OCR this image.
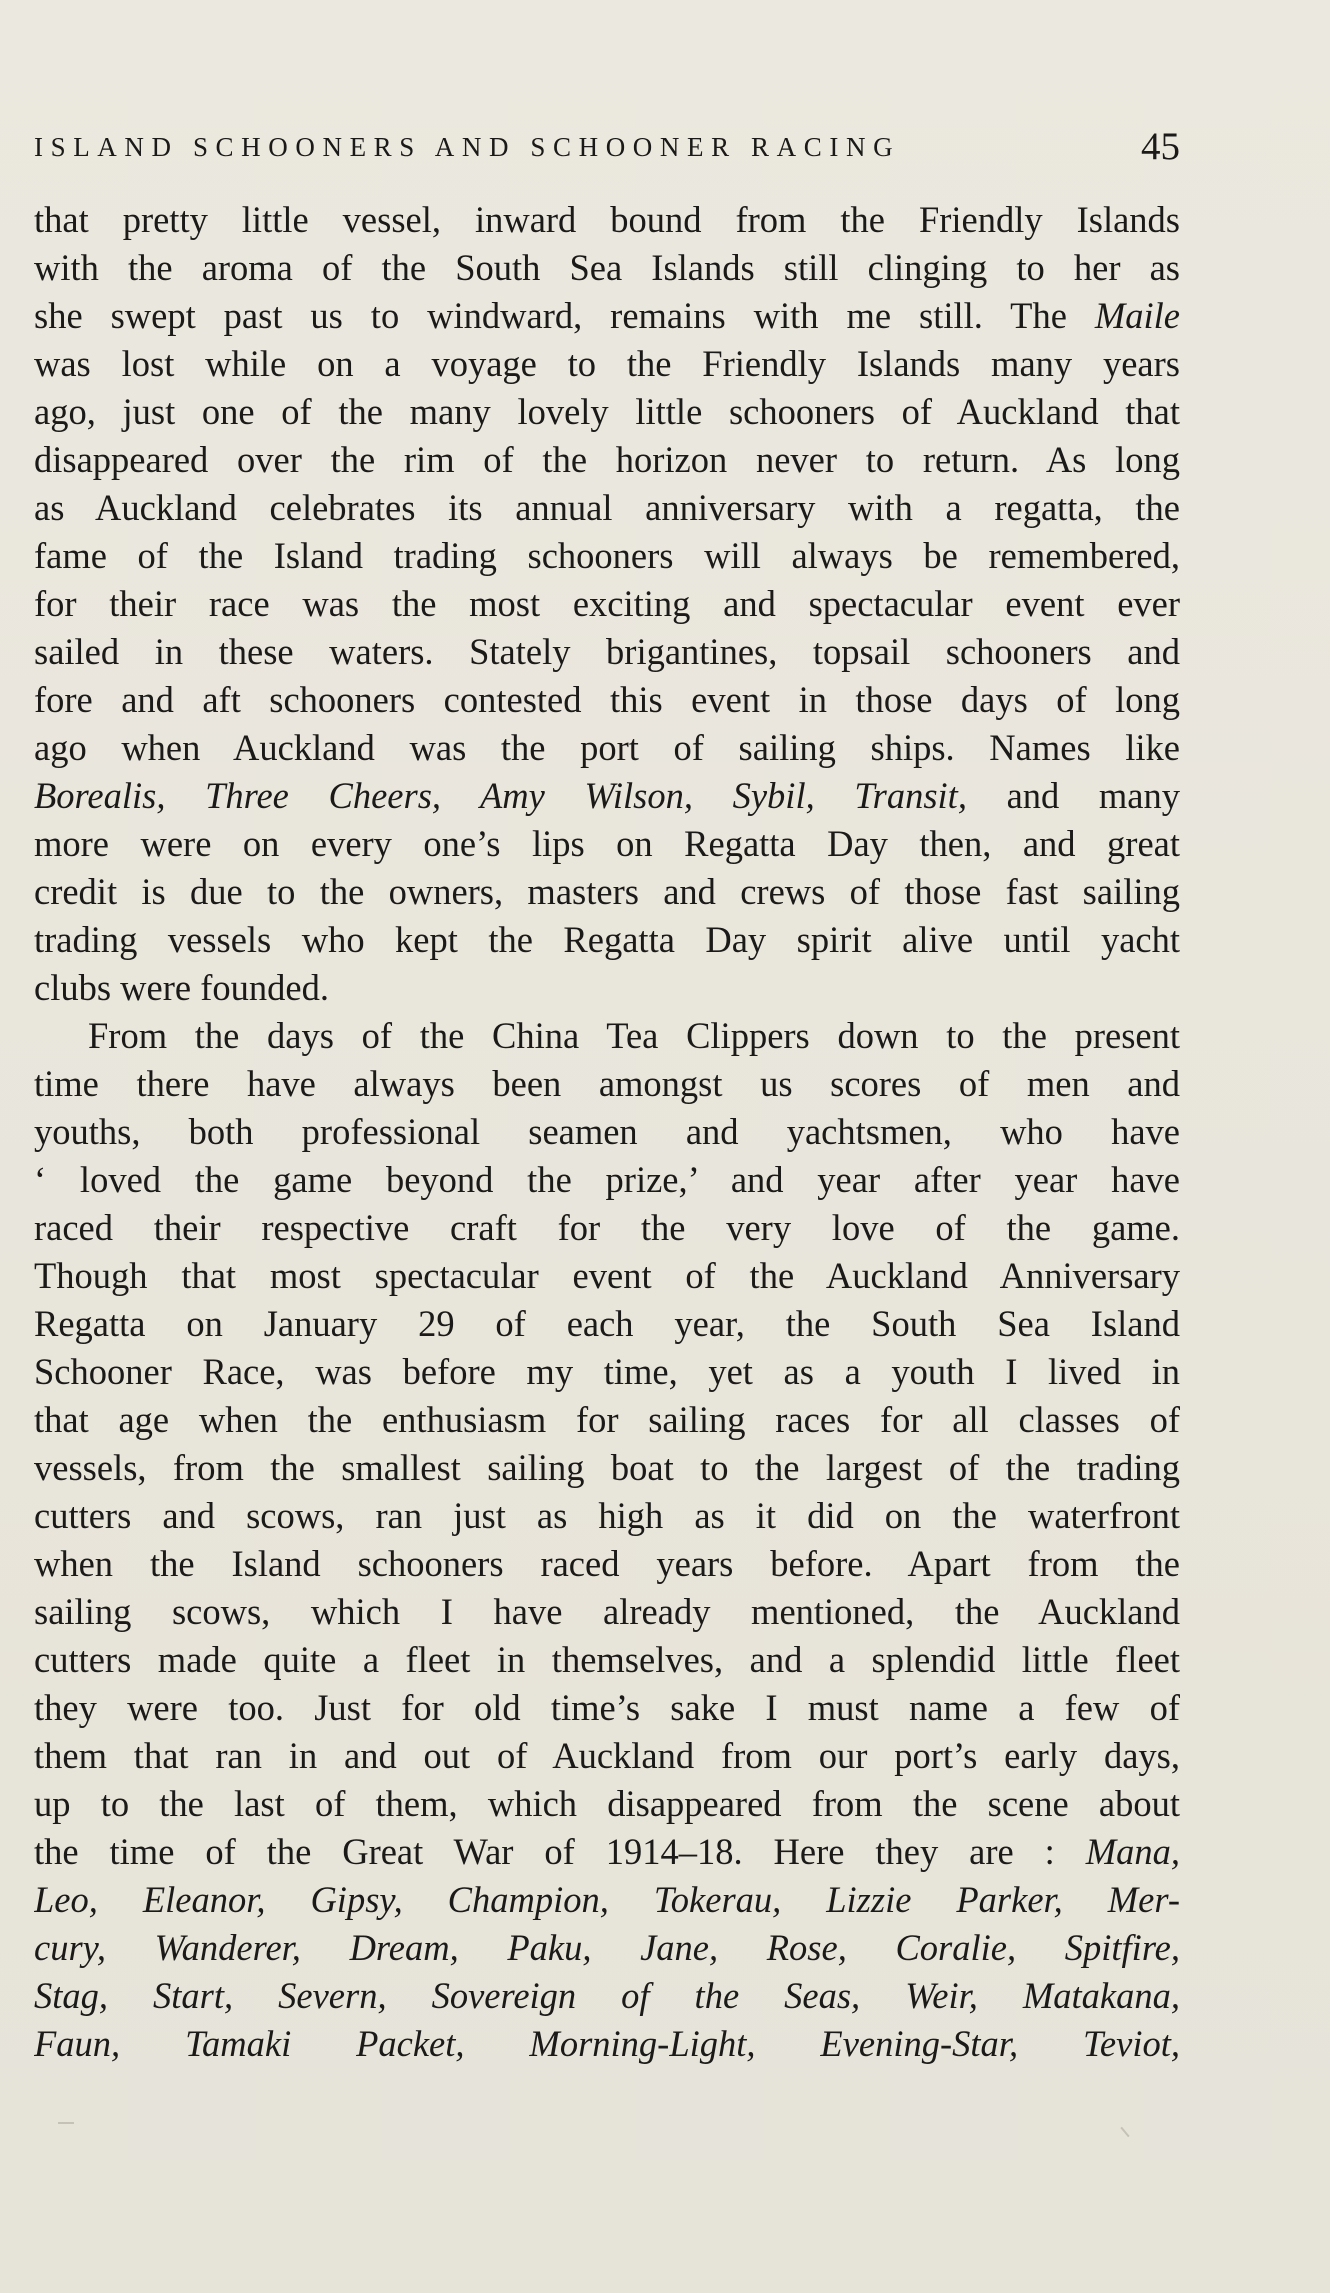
ISLAND SCHOONERS AND SCHOONER RACING	45
that pretty little vessel, inward bound from the Friendly Islands
with the aroma of the South Sea Islands still clinging to her as
she swept past us to windward, remains with me still. The Maile
was lost while on a voyage to the Friendly Islands many years
ago, just one of the many lovely little schooners of Auckland that
disappeared over the rim of the horizon never to return. As long
as Auckland celebrates its annual anniversary with a regatta, the
fame of the Island trading schooners will always be remembered,
for their race was the most exciting and spectacular event ever
sailed in these waters. Stately brigantines, topsail schooners and
fore and aft schooners contested this event in those days of long
ago when Auckland was the port of sailing ships. Names like
Borealis, Three Cheers, Amy Wilson, Sybil, Transit, and many
more were on every one’s lips on Regatta Day then, and great
credit is due to the owners, masters and crews of those fast sailing
trading vessels who kept the Regatta Day spirit alive until yacht
clubs were founded.
From the days of the China Tea Clippers down to the present
time there have always been amongst us scores of men and
youths, both professional seamen and yachtsmen, who have
‘ loved the game beyond the prize,’ and year after year have
raced their respective craft for the very love of the game.
Though that most spectacular event of the Auckland Anniversary
Regatta on January 29 of each year, the South Sea Island
Schooner Race, was before my time, yet as a youth I lived in
that age when the enthusiasm for sailing races for all classes of
vessels, from the smallest sailing boat to the largest of the trading
cutters and scows, ran just as high as it did on the waterfront
when the Island schooners raced years before. Apart from the
sailing scows, which I have already mentioned, the Auckland
cutters made quite a fleet in themselves, and a splendid little fleet
they were too. Just for old time’s sake I must name a few of
them that ran in and out of Auckland from our port’s early days,
up to the last of them, which disappeared from the scene about
the time of the Great War of 1914–18. Here they are : Mana,
Leo, Eleanor, Gipsy, Champion, Tokerau, Lizzie Parker, Mer-
cury, Wanderer, Dream, Paku, Jane, Rose, Coralie, Spitfire,
Stag, Start, Severn, Sovereign of the Seas, Weir, Matakana,
Faun, Tamaki Packet, Morning-Light, Evening-Star, Teviot,
